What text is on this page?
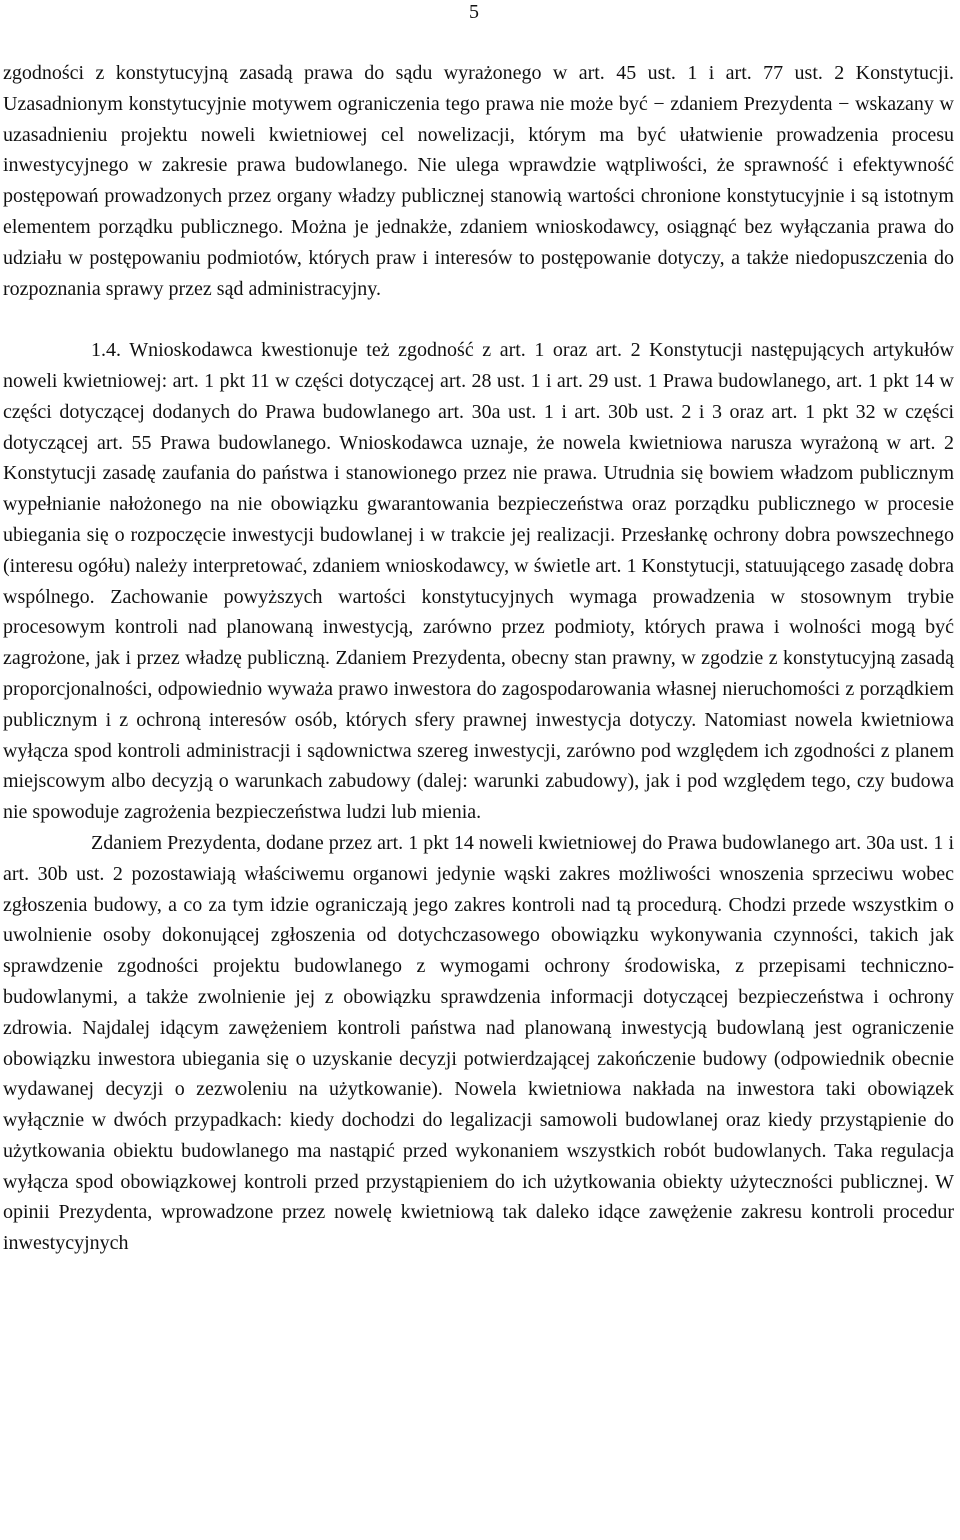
5

zgodności z konstytucyjną zasadą prawa do sądu wyrażonego w art. 45 ust. 1 i art. 77 ust. 2 Konstytucji. Uzasadnionym konstytucyjnie motywem ograniczenia tego prawa nie może być − zdaniem Prezydenta − wskazany w uzasadnieniu projektu noweli kwietniowej cel nowelizacji, którym ma być ułatwienie prowadzenia procesu inwestycyjnego w zakresie prawa budowlanego. Nie ulega wprawdzie wątpliwości, że sprawność i efektywność postępowań prowadzonych przez organy władzy publicznej stanowią wartości chronione konstytucyjnie i są istotnym elementem porządku publicznego. Można je jednakże, zdaniem wnioskodawcy, osiągnąć bez wyłączania prawa do udziału w postępowaniu podmiotów, których praw i interesów to postępowanie dotyczy, a także niedopuszczenia do rozpoznania sprawy przez sąd administracyjny.

1.4. Wnioskodawca kwestionuje też zgodność z art. 1 oraz art. 2 Konstytucji następujących artykułów noweli kwietniowej: art. 1 pkt 11 w części dotyczącej art. 28 ust. 1 i art. 29 ust. 1 Prawa budowlanego, art. 1 pkt 14 w części dotyczącej dodanych do Prawa budowlanego art. 30a ust. 1 i art. 30b ust. 2 i 3 oraz art. 1 pkt 32 w części dotyczącej art. 55 Prawa budowlanego. Wnioskodawca uznaje, że nowela kwietniowa narusza wyrażoną w art. 2 Konstytucji zasadę zaufania do państwa i stanowionego przez nie prawa. Utrudnia się bowiem władzom publicznym wypełnianie nałożonego na nie obowiązku gwarantowania bezpieczeństwa oraz porządku publicznego w procesie ubiegania się o rozpoczęcie inwestycji budowlanej i w trakcie jej realizacji. Przesłankę ochrony dobra powszechnego (interesu ogółu) należy interpretować, zdaniem wnioskodawcy, w świetle art. 1 Konstytucji, statuującego zasadę dobra wspólnego. Zachowanie powyższych wartości konstytucyjnych wymaga prowadzenia w stosownym trybie procesowym kontroli nad planowaną inwestycją, zarówno przez podmioty, których prawa i wolności mogą być zagrożone, jak i przez władzę publiczną. Zdaniem Prezydenta, obecny stan prawny, w zgodzie z konstytucyjną zasadą proporcjonalności, odpowiednio wyważa prawo inwestora do zagospodarowania własnej nieruchomości z porządkiem publicznym i z ochroną interesów osób, których sfery prawnej inwestycja dotyczy. Natomiast nowela kwietniowa wyłącza spod kontroli administracji i sądownictwa szereg inwestycji, zarówno pod względem ich zgodności z planem miejscowym albo decyzją o warunkach zabudowy (dalej: warunki zabudowy), jak i pod względem tego, czy budowa nie spowoduje zagrożenia bezpieczeństwa ludzi lub mienia.

Zdaniem Prezydenta, dodane przez art. 1 pkt 14 noweli kwietniowej do Prawa budowlanego art. 30a ust. 1 i art. 30b ust. 2 pozostawiają właściwemu organowi jedynie wąski zakres możliwości wnoszenia sprzeciwu wobec zgłoszenia budowy, a co za tym idzie ograniczają jego zakres kontroli nad tą procedurą. Chodzi przede wszystkim o uwolnienie osoby dokonującej zgłoszenia od dotychczasowego obowiązku wykonywania czynności, takich jak sprawdzenie zgodności projektu budowlanego z wymogami ochrony środowiska, z przepisami techniczno-budowlanymi, a także zwolnienie jej z obowiązku sprawdzenia informacji dotyczącej bezpieczeństwa i ochrony zdrowia. Najdalej idącym zawężeniem kontroli państwa nad planowaną inwestycją budowlaną jest ograniczenie obowiązku inwestora ubiegania się o uzyskanie decyzji potwierdzającej zakończenie budowy (odpowiednik obecnie wydawanej decyzji o zezwoleniu na użytkowanie). Nowela kwietniowa nakłada na inwestora taki obowiązek wyłącznie w dwóch przypadkach: kiedy dochodzi do legalizacji samowoli budowlanej oraz kiedy przystąpienie do użytkowania obiektu budowlanego ma nastąpić przed wykonaniem wszystkich robót budowlanych. Taka regulacja wyłącza spod obowiązkowej kontroli przed przystąpieniem do ich użytkowania obiekty użyteczności publicznej. W opinii Prezydenta, wprowadzone przez nowelę kwietniową tak daleko idące zawężenie zakresu kontroli procedur inwestycyjnych
